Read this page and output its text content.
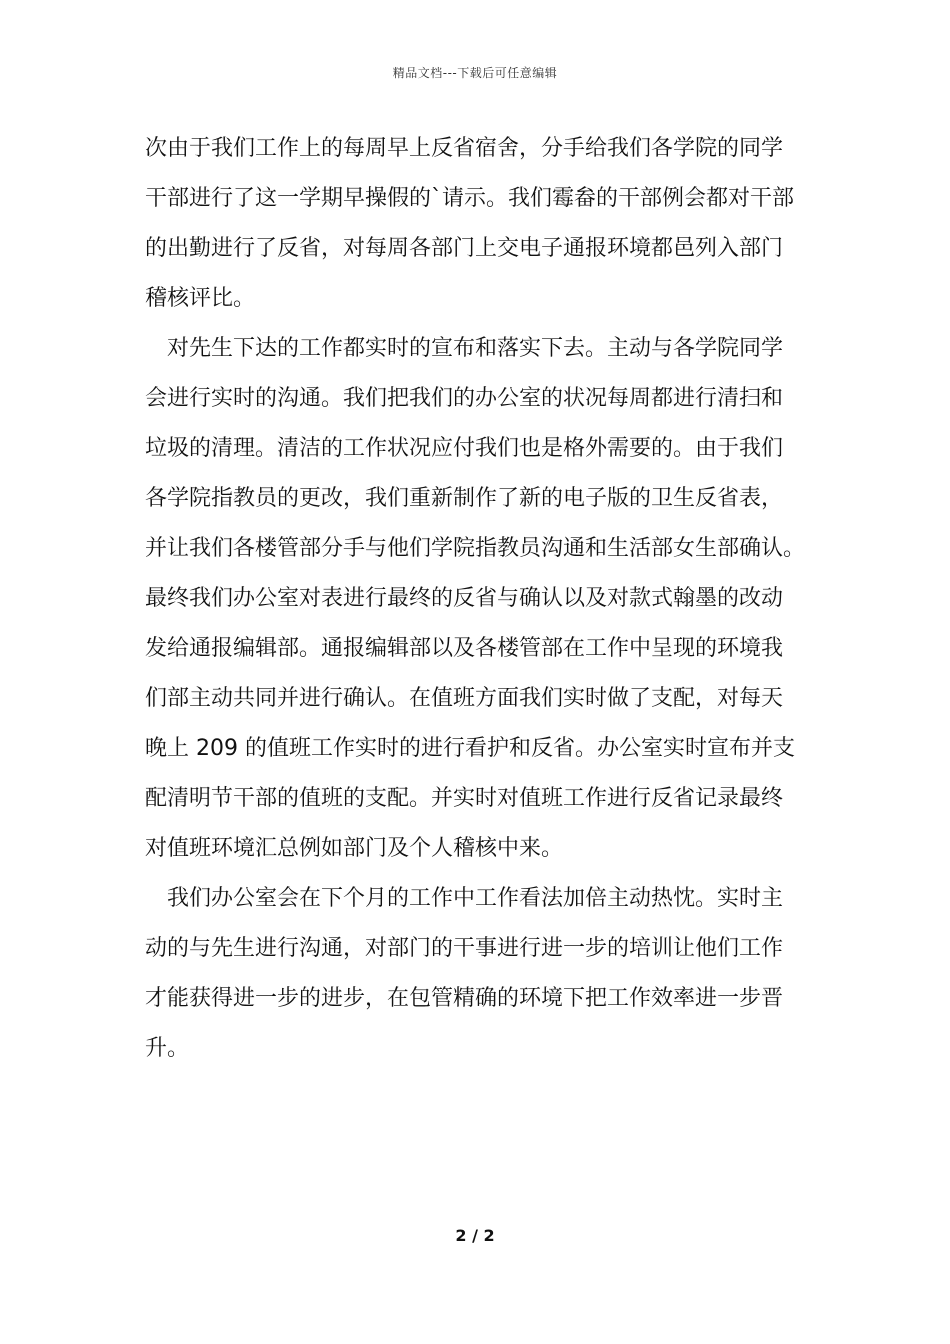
精品文档---下载后可任意编辑

次由于我们工作上的每周早上反省宿舍，分手给我们各学院的同学
干部进行了这一学期早操假的`请示。我们霉畚的干部例会都对干部
的出勤进行了反省，对每周各部门上交电子通报环境都邑列入部门
稽核评比。

对先生下达的工作都实时的宣布和落实下去。主动与各学院同学
会进行实时的沟通。我们把我们的办公室的状况每周都进行清扫和
垃圾的清理。清洁的工作状况应付我们也是格外需要的。由于我们
各学院指教员的更改，我们重新制作了新的电子版的卫生反省表，
并让我们各楼管部分手与他们学院指教员沟通和生活部女生部确认。
最终我们办公室对表进行最终的反省与确认以及对款式翰墨的改动
发给通报编辑部。通报编辑部以及各楼管部在工作中呈现的环境我
们部主动共同并进行确认。在值班方面我们实时做了支配，对每天
晚上 209 的值班工作实时的进行看护和反省。办公室实时宣布并支
配清明节干部的值班的支配。并实时对值班工作进行反省记录最终
对值班环境汇总例如部门及个人稽核中来。

我们办公室会在下个月的工作中工作看法加倍主动热忱。实时主
动的与先生进行沟通，对部门的干事进行进一步的培训让他们工作
才能获得进一步的进步，在包管精确的环境下把工作效率进一步晋
升。

2 / 2
